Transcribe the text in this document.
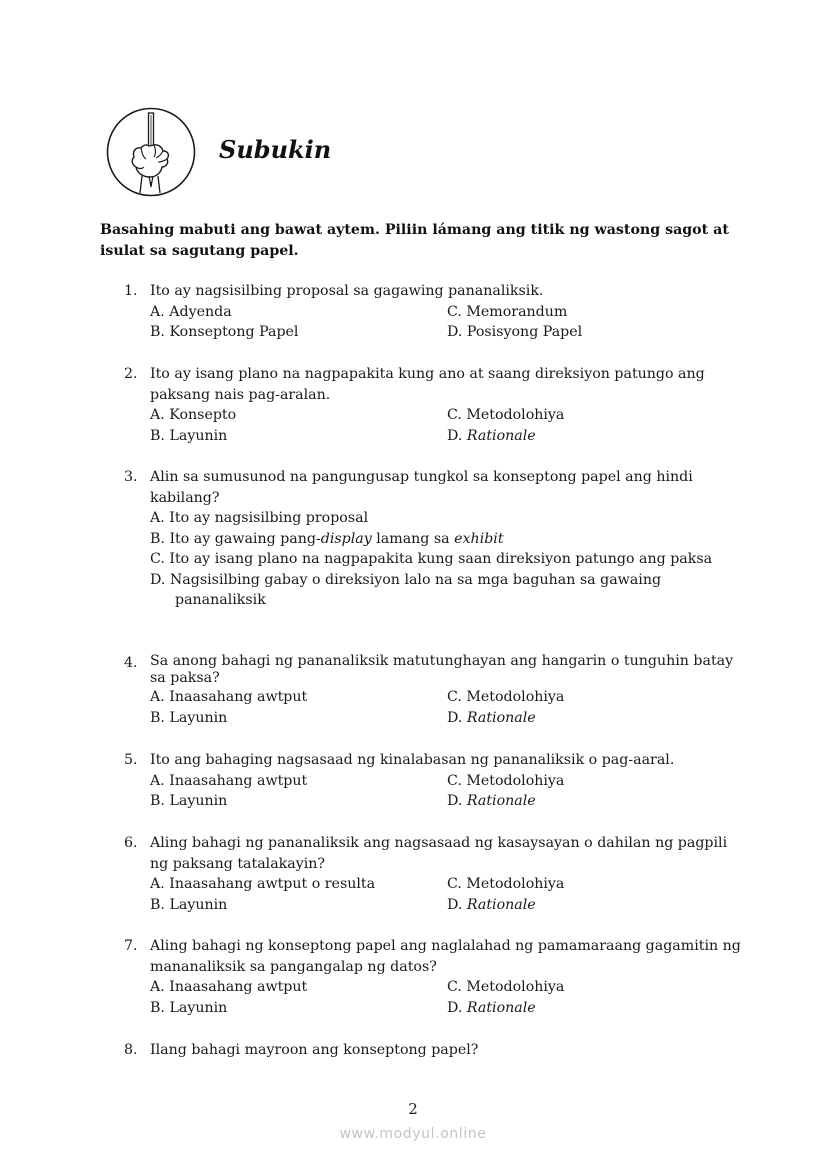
Subukin
Basahing mabuti ang bawat aytem. Piliin lámang ang titik ng wastong sagot at isulat sa sagutang papel.
1. Ito ay nagsisilbing proposal sa gagawing pananaliksik.
A. Adyenda	C. Memorandum
B. Konseptong Papel	D. Posisyong Papel
2. Ito ay isang plano na nagpapakita kung ano at saang direksiyon patungo ang paksang nais pag-aralan.
A. Konsepto	C. Metodolohiya
B. Layunin	D. Rationale
3. Alin sa sumusunod na pangungusap tungkol sa konseptong papel ang hindi kabilang?
A. Ito ay nagsisilbing proposal
B. Ito ay gawaing pang-display lamang sa exhibit
C. Ito ay isang plano na nagpapakita kung saan direksiyon patungo ang paksa
D. Nagsisilbing gabay o direksiyon lalo na sa mga baguhan sa gawaing pananaliksik
4. Sa anong bahagi ng pananaliksik matutunghayan ang hangarin o tunguhin batay sa paksa?
A. Inaasahang awtput	C. Metodolohiya
B. Layunin	D. Rationale
5. Ito ang bahaging nagsasaad ng kinalabasan ng pananaliksik o pag-aaral.
A. Inaasahang awtput	C. Metodolohiya
B. Layunin	D. Rationale
6. Aling bahagi ng pananaliksik ang nagsasaad ng kasaysayan o dahilan ng pagpili ng paksang tatalakayin?
A. Inaasahang awtput o resulta	C. Metodolohiya
B. Layunin	D. Rationale
7. Aling bahagi ng konseptong papel ang naglalahad ng pamamaraang gagamitin ng mananaliksik sa pangangalap ng datos?
A. Inaasahang awtput	C. Metodolohiya
B. Layunin	D. Rationale
8. Ilang bahagi mayroon ang konseptong papel?
2
www.modyul.online
